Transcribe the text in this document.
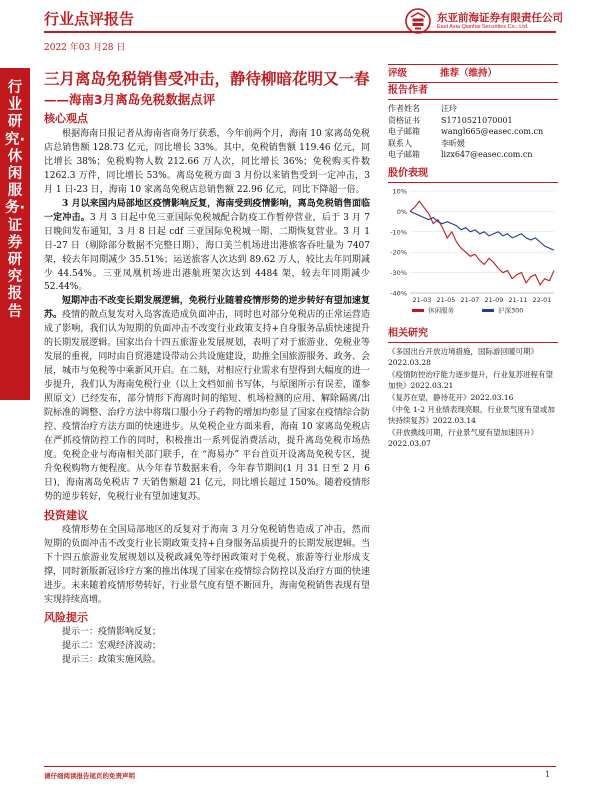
行业点评报告
2022 年03 月28 日
东亚前海证券有限责任公司
East Asia Qianhai Securities Co., Ltd.
行业研究·休闲服务·证券研究报告
三月离岛免税销售受冲击，静待柳暗花明又一春
——海南3月离岛免税数据点评
核心观点

根据海南日报记者从海南省商务厅获悉，今年前两个月，海南 10 家离岛免税店总销售额 128.73 亿元，同比增长 33%。其中，免税销售额 119.46 亿元，同比增长 38%；免税购物人数 212.66 万人次，同比增长 36%；免税购买件数 1262.3 万件，同比增长 53%。离岛免税方面 3 月份以来销售受到一定冲击，3 月 1 日-23 日，海南 10 家离岛免税店总销售额 22.96 亿元，同比下降超一倍。

3 月以来国内局部地区疫情影响反复，海南受到疫情影响，离岛免税销售面临一定冲击。3 月 3 日起中免三亚国际免税城配合防疫工作暂停营业，后于 3 月 7 日晚间发布通知，3 月 8 日起 cdf 三亚国际免税城一期、二期恢复营业。3 月 1 日-27 日（剔除部分数据不完整日期），海口美兰机场进出港旅客吞吐量为 7407 架，较去年同期减少 35.51%；运送旅客人次达到 89.62 万人，较比去年同期减少 44.54%。三亚凤凰机场进出港航班架次达到 4484 架，较去年同期减少 52.44%。

短期冲击不改变长期发展逻辑，免税行业随着疫情形势的逆步转好有望加速复苏。疫情的散点复发对入岛客流造成负面冲击，同时也对部分免税店的正常运营造成了影响，我们认为短期的负面冲击不改变行业政策支持+自身服务品质快速提升的长期发展逻辑。国家出台十四五旅游业发展规划，表明了对于旅游业、免税业等发展的重视，同时由自贸港建设带动公共设施建设，助推全国旅游服务、政务、会展，城市与免税等中乘新风开启。在二刻，对相应行业需求有望得到大幅度的进一步提升，我们认为海南免税行业（以上文档如前书写体，与原图所示有误差，谨参照原文）已经发布，部分情形下海离时间的缩短、机场检测的应用、解除隔离/出院标准的调整、治疗方法中将瑞口服小分子药物的增加均彰显了国家在疫情综合防控、疫情治疗方法方面的快速进步。从免税企业方面来看，海南 10 家离岛免税店在严抓疫情防控工作的同时，积极推出一系列促消费活动，提升离岛免税市场热度。免税企业与海南相关部门联手，在 “海易办” 平台首页开设离岛免税专区，提升免税购物方便程度。从今年春节数据来看，今年春节期间(1 月 31 日至 2 月 6 日)，海南离岛免税店 7 天销售额超 21 亿元，同比增长超过 150%。随着疫情形势的逆步转好，免税行业有望加速复苏。

投资建议

疫情形势在全国局部地区的反复对于海南 3 月分免税销售造成了冲击，然而短期的负面冲击不改变行业长期政策支持+自身服务品质提升的长期发展逻辑。当下十四五旅游业发展规划以及税政减免等纾困政策对于免税、旅游等行业形成支撑，同时新版新冠诊疗方案的推出体现了国家在疫情综合防控以及治疗方面的快速进步。未来随着疫情形势转好，行业景气度有望不断回升，海南免税销售表现有望实现持续高增。

风险提示

提示一：疫情影响反复；

提示二：宏观经济波动；

提示三：政策实施风险。

评级	推荐（维持）
报告作者
作者姓名	汪玲
资格证书	S1710521070001
电子邮箱	wangl665@easec.com.cn
联系人	李昕媛
电子邮箱	lizx647@easec.com.cn
股价表现
10%
0%
-10%
-20%
-30%
-40%
21-03 21-05 21-07 21-09 21-11 22-01
休闲服务	沪深300
相关研究
《多国出台开放边境措施，国际游回暖可期》2022.03.28
《疫情防控治疗能力逐步提升，行业复苏进程有望加快》2022.03.21
《复苏在望，静待花开》2022.03.16
《中免 1-2 月业绩表现亮眼，行业景气度有望或加快持续复苏》2022.03.14
《开放携线可期，行业景气度有望加速回升》2022.03.07
请仔细阅读报告尾页的免责声明	1
